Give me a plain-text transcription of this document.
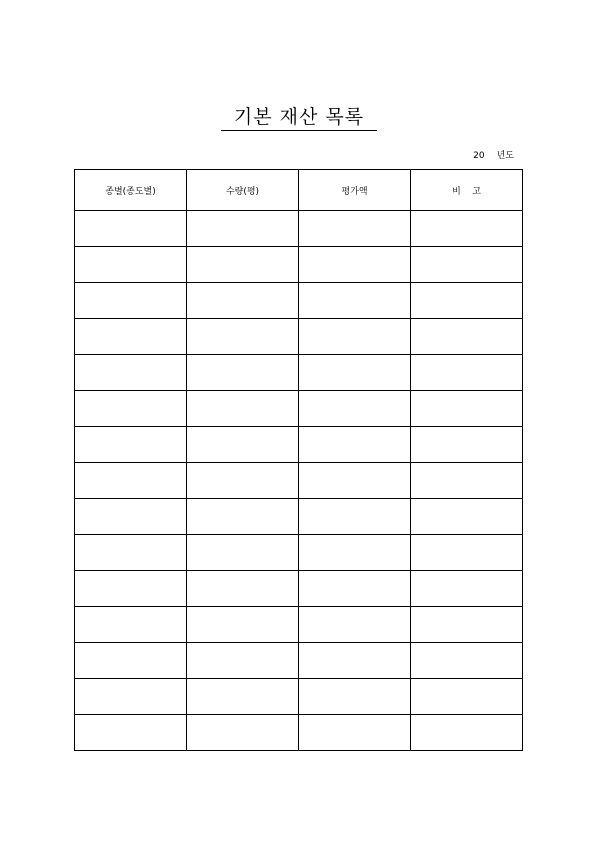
기본 재산 목록
20 년도
종별(종도별)	수량(평)	평가액	비    고
